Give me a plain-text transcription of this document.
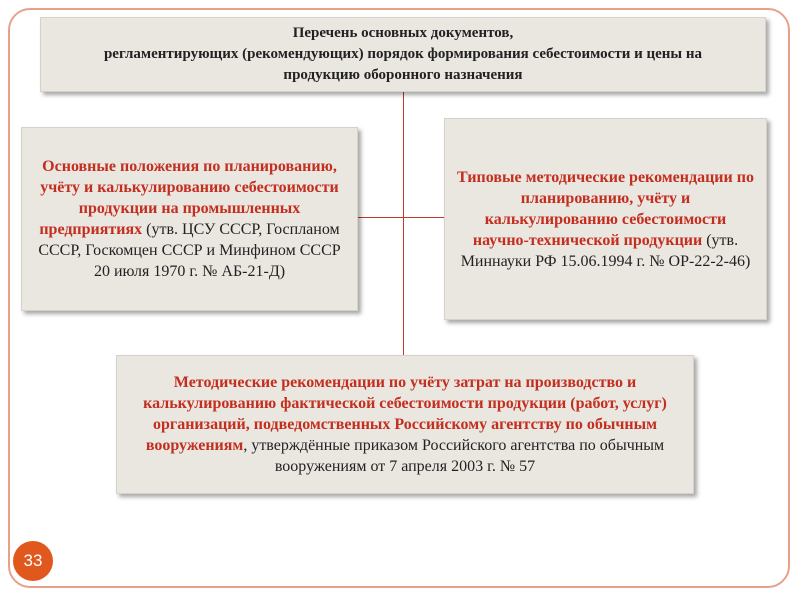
Перечень основных документов,
регламентирующих (рекомендующих) порядок формирования себестоимости и цены на
продукцию оборонного назначения
Основные положения по планированию, учёту и калькулированию себестоимости продукции на промышленных предприятиях (утв. ЦСУ СССР, Госпланом СССР, Госкомцен СССР и Минфином СССР 20 июля 1970 г. № АБ-21-Д)
Типовые методические рекомендации по планированию, учёту и калькулированию себестоимости научно-технической продукции (утв. Миннауки РФ 15.06.1994 г. № ОР-22-2-46)
Методические рекомендации по учёту затрат на производство и калькулированию фактической себестоимости продукции (работ, услуг) организаций, подведомственных Российскому агентству по обычным вооружениям, утверждённые приказом Российского агентства по обычным вооружениям от 7 апреля 2003 г. № 57
33
